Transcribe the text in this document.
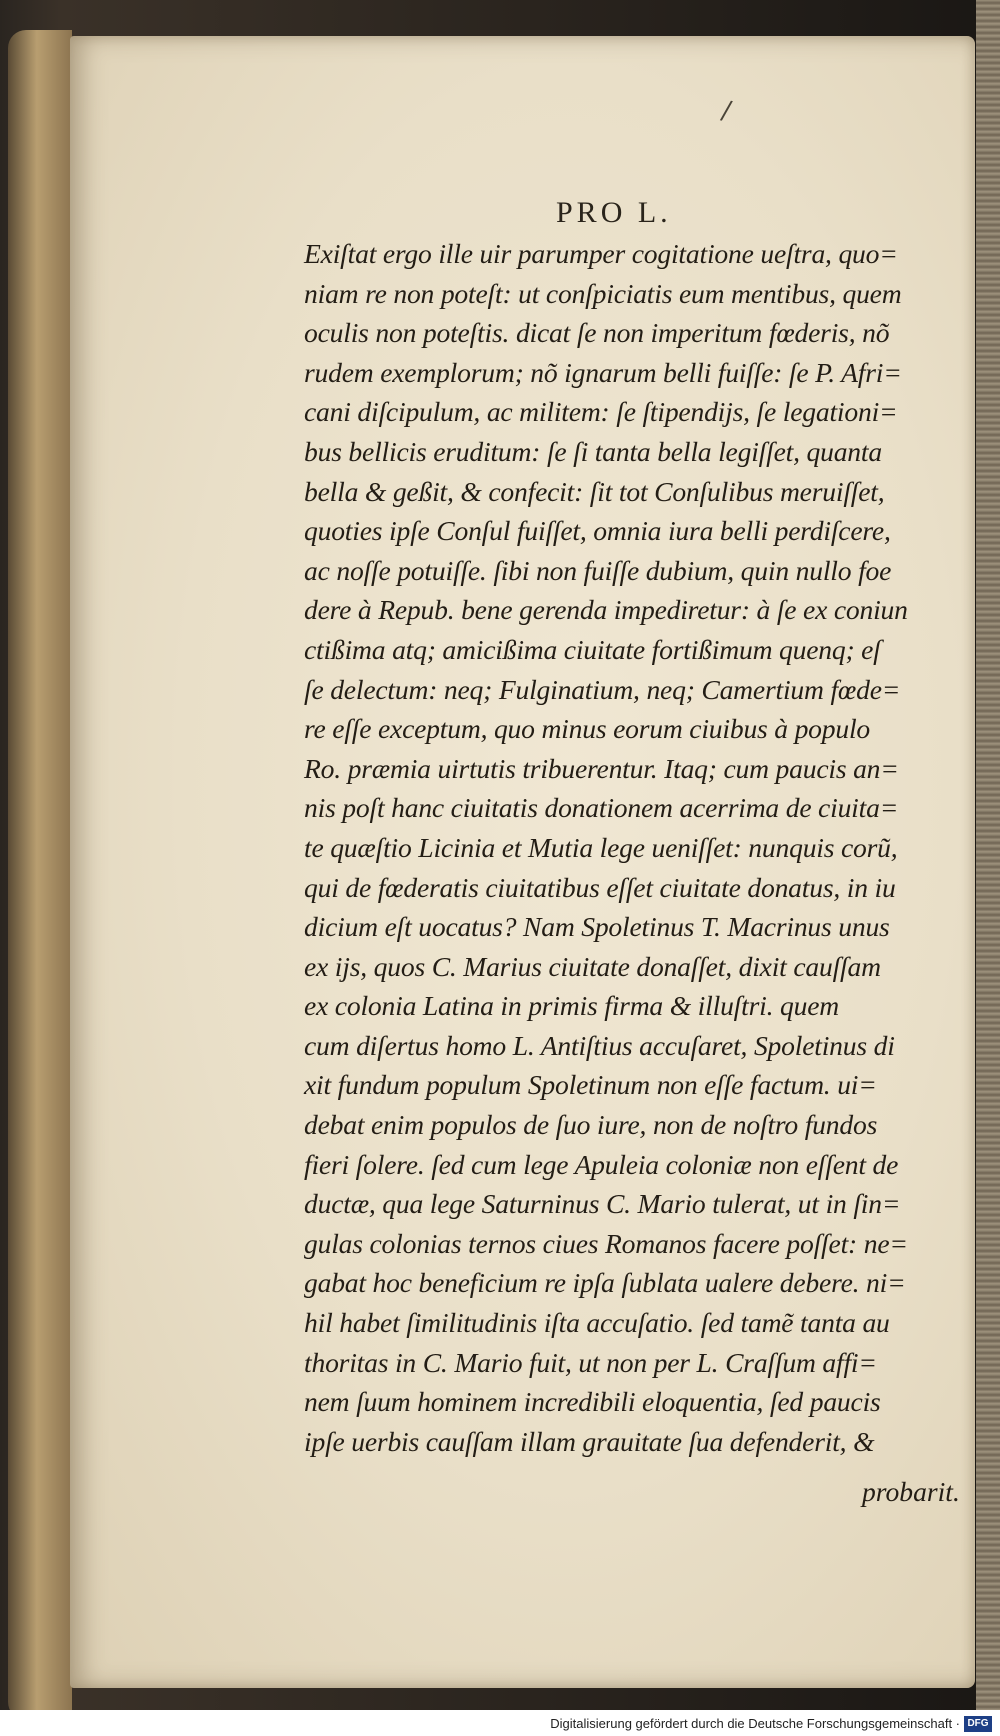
/
PRO L.
Exiſtat ergo ille uir parumper cogitatione ueſtra, quo=
niam re non poteſt: ut conſpiciatis eum mentibus, quem
oculis non poteſtis. dicat ſe non imperitum fœderis, nõ
rudem exemplorum; nõ ignarum belli fuiſſe: ſe P. Afri=
cani diſcipulum, ac militem: ſe ſtipendijs, ſe legationi=
bus bellicis eruditum: ſe ſi tanta bella legiſſet, quanta
bella & geßit, & confecit: ſit tot Conſulibus meruiſſet,
quoties ipſe Conſul fuiſſet, omnia iura belli perdiſcere,
ac noſſe potuiſſe. ſibi non fuiſſe dubium, quin nullo foe
dere à Repub. bene gerenda impediretur: à ſe ex coniun
ctißima atq; amicißima ciuitate fortißimum quenq; eſ
ſe delectum: neq; Fulginatium, neq; Camertium fœde=
re eſſe exceptum, quo minus eorum ciuibus à populo
Ro. præmia uirtutis tribuerentur. Itaq; cum paucis an=
nis poſt hanc ciuitatis donationem acerrima de ciuita=
te quæſtio Licinia et Mutia lege ueniſſet: nunquis corũ,
qui de fœderatis ciuitatibus eſſet ciuitate donatus, in iu
dicium eſt uocatus? Nam Spoletinus T. Macrinus unus
ex ijs, quos C. Marius ciuitate donaſſet, dixit cauſſam
ex colonia Latina in primis firma & illuſtri. quem
cum diſertus homo L. Antiſtius accuſaret, Spoletinus di
xit fundum populum Spoletinum non eſſe factum. ui=
debat enim populos de ſuo iure, non de noſtro fundos
fieri ſolere. ſed cum lege Apuleia coloniæ non eſſent de
ductæ, qua lege Saturninus C. Mario tulerat, ut in ſin=
gulas colonias ternos ciues Romanos facere poſſet: ne=
gabat hoc beneficium re ipſa ſublata ualere debere. ni=
hil habet ſimilitudinis iſta accuſatio. ſed tamẽ tanta au
thoritas in C. Mario fuit, ut non per L. Craſſum affi=
nem ſuum hominem incredibili eloquentia, ſed paucis
ipſe uerbis cauſſam illam grauitate ſua defenderit, &
probarit.
Digitalisierung gefördert durch die Deutsche Forschungsgemeinschaft · DFG
